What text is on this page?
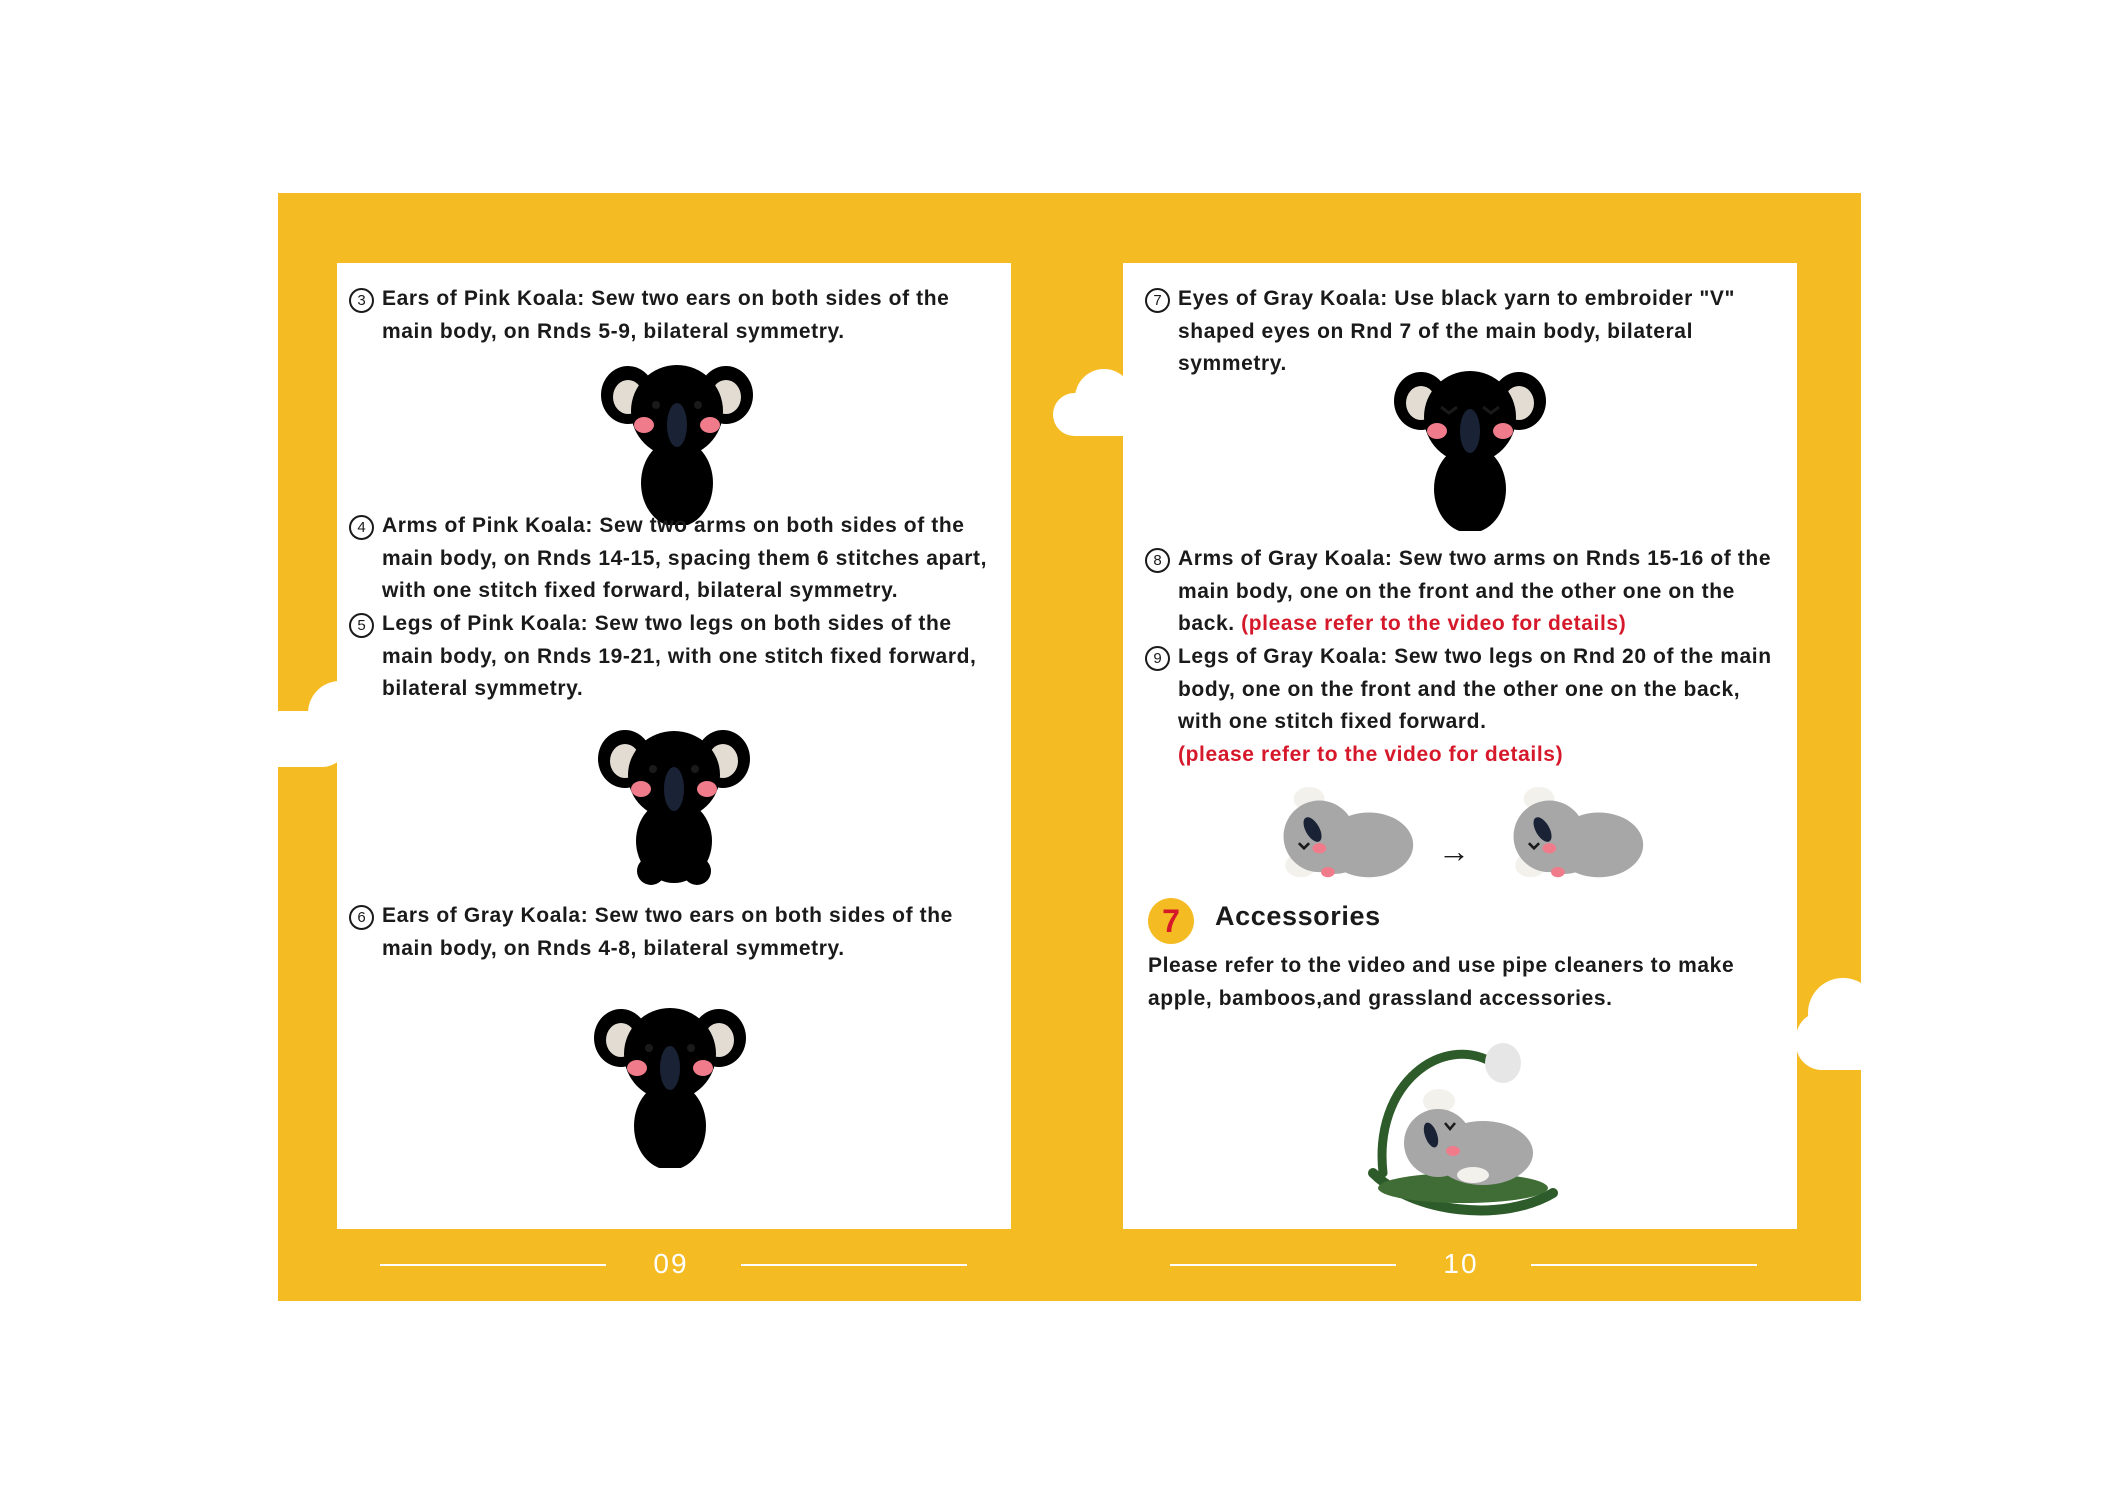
3 Ears of Pink Koala: Sew two ears on both sides of the main body, on Rnds 5-9, bilateral symmetry.
4 Arms of Pink Koala: Sew two arms on both sides of the main body, on Rnds 14-15, spacing them 6 stitches apart, with one stitch fixed forward, bilateral symmetry.
5 Legs of Pink Koala: Sew two legs on both sides of the main body, on Rnds 19-21, with one stitch fixed forward, bilateral symmetry.
6 Ears of Gray Koala: Sew two ears on both sides of the main body, on Rnds 4-8, bilateral symmetry.
7 Eyes of Gray Koala: Use black yarn to embroider "V" shaped eyes on Rnd 7 of the main body, bilateral symmetry.
8 Arms of Gray Koala: Sew two arms on Rnds 15-16 of the main body, one on the front and the other one on the back. (please refer to the video for details)
9 Legs of Gray Koala: Sew two legs on Rnd 20 of the main body, one on the front and the other one on the back, with one stitch fixed forward.
(please refer to the video for details)
→
7	Accessories
Please refer to the video and use pipe cleaners to make apple, bamboos,and grassland accessories.
09	10
